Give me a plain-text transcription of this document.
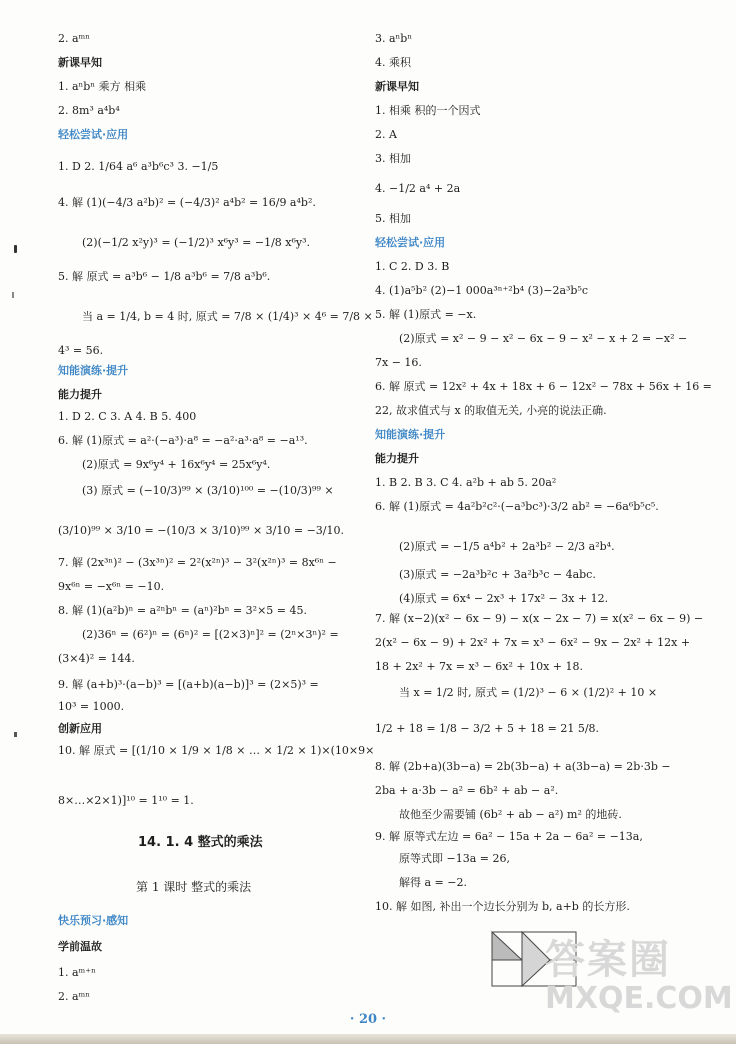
2. aᵐⁿ
新课早知
1. aⁿbⁿ 乘方 相乘
2. 8m³ a⁴b⁴
轻松尝试·应用
1. D 2. 1/64 a⁶ a³b⁶c³ 3. −1/5
4. 解 (1)(−4/3 a²b)² = (−4/3)² a⁴b² = 16/9 a⁴b².
(2)(−1/2 x²y)³ = (−1/2)³ x⁶y³ = −1/8 x⁶y³.
5. 解 原式 = a³b⁶ − 1/8 a³b⁶ = 7/8 a³b⁶.
当 a = 1/4, b = 4 时, 原式 = 7/8 × (1/4)³ × 4⁶ = 7/8 ×
4³ = 56.
知能演练·提升
能力提升
1. D 2. C 3. A 4. B 5. 400
6. 解 (1)原式 = a²·(−a³)·a⁸ = −a²·a³·a⁸ = −a¹³.
(2)原式 = 9x⁶y⁴ + 16x⁶y⁴ = 25x⁶y⁴.
(3) 原式 = (−10/3)⁹⁹ × (3/10)¹⁰⁰ = −(10/3)⁹⁹ ×
(3/10)⁹⁹ × 3/10 = −(10/3 × 3/10)⁹⁹ × 3/10 = −3/10.
7. 解 (2x³ⁿ)² − (3x³ⁿ)² = 2²(x²ⁿ)³ − 3²(x²ⁿ)³ = 8x⁶ⁿ −
9x⁶ⁿ = −x⁶ⁿ = −10.
8. 解 (1)(a²b)ⁿ = a²ⁿbⁿ = (aⁿ)²bⁿ = 3²×5 = 45.
(2)36ⁿ = (6²)ⁿ = (6ⁿ)² = [(2×3)ⁿ]² = (2ⁿ×3ⁿ)² =
(3×4)² = 144.
9. 解 (a+b)³·(a−b)³ = [(a+b)(a−b)]³ = (2×5)³ =
10³ = 1000.
创新应用
10. 解 原式 = [(1/10 × 1/9 × 1/8 × … × 1/2 × 1)×(10×9×
8×…×2×1)]¹⁰ = 1¹⁰ = 1.
14. 1. 4 整式的乘法
第 1 课时 整式的乘法
快乐预习·感知
学前温故
1. aᵐ⁺ⁿ
2. aᵐⁿ
3. aⁿbⁿ
4. 乘积
新课早知
1. 相乘 积的一个因式
2. A
3. 相加
4. −1/2 a⁴ + 2a
5. 相加
轻松尝试·应用
1. C 2. D 3. B
4. (1)a⁵b² (2)−1 000a³ⁿ⁺²b⁴ (3)−2a³b⁵c
5. 解 (1)原式 = −x.
(2)原式 = x² − 9 − x² − 6x − 9 − x² − x + 2 = −x² −
7x − 16.
6. 解 原式 = 12x² + 4x + 18x + 6 − 12x² − 78x + 56x + 16 =
22, 故求值式与 x 的取值无关, 小亮的说法正确.
知能演练·提升
能力提升
1. B 2. B 3. C 4. a²b + ab 5. 20a²
6. 解 (1)原式 = 4a²b²c²·(−a³bc³)·3/2 ab² = −6a⁶b⁵c⁵.
(2)原式 = −1/5 a⁴b² + 2a³b² − 2/3 a²b⁴.
(3)原式 = −2a³b²c + 3a²b³c − 4abc.
(4)原式 = 6x⁴ − 2x³ + 17x² − 3x + 12.
7. 解 (x−2)(x² − 6x − 9) − x(x − 2x − 7) = x(x² − 6x − 9) −
2(x² − 6x − 9) + 2x² + 7x = x³ − 6x² − 9x − 2x² + 12x +
18 + 2x² + 7x = x³ − 6x² + 10x + 18.
当 x = 1/2 时, 原式 = (1/2)³ − 6 × (1/2)² + 10 ×
1/2 + 18 = 1/8 − 3/2 + 5 + 18 = 21 5/8.
8. 解 (2b+a)(3b−a) = 2b(3b−a) + a(3b−a) = 2b·3b −
2ba + a·3b − a² = 6b² + ab − a².
故他至少需要铺 (6b² + ab − a²) m² 的地砖.
9. 解 原等式左边 = 6a² − 15a + 2a − 6a² = −13a,
原等式即 −13a = 26,
解得 a = −2.
10. 解 如图, 补出一个边长分别为 b, a+b 的长方形.
答案圈
MXQE.COM
· 20 ·
